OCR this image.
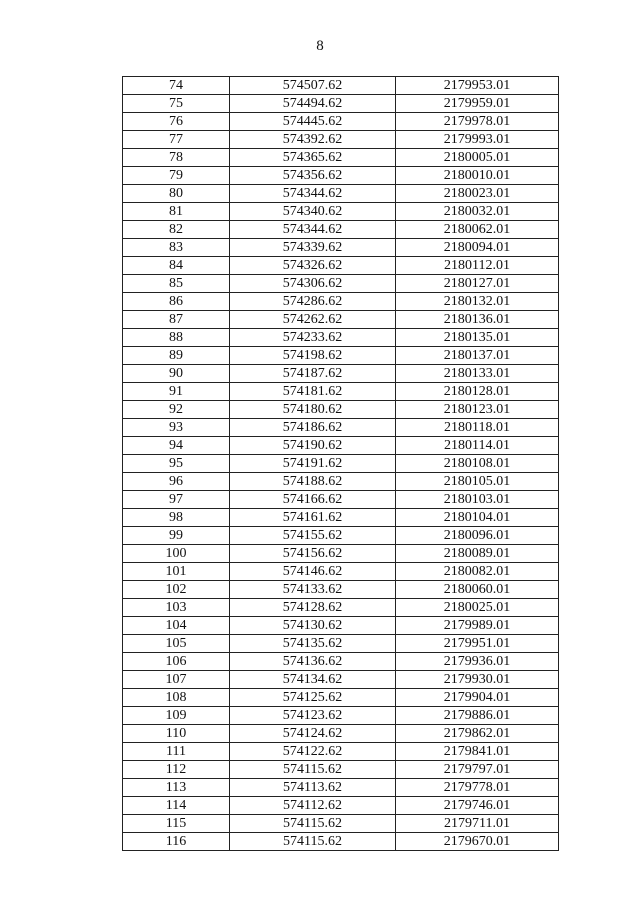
8
74	574507.62	2179953.01
75	574494.62	2179959.01
76	574445.62	2179978.01
77	574392.62	2179993.01
78	574365.62	2180005.01
79	574356.62	2180010.01
80	574344.62	2180023.01
81	574340.62	2180032.01
82	574344.62	2180062.01
83	574339.62	2180094.01
84	574326.62	2180112.01
85	574306.62	2180127.01
86	574286.62	2180132.01
87	574262.62	2180136.01
88	574233.62	2180135.01
89	574198.62	2180137.01
90	574187.62	2180133.01
91	574181.62	2180128.01
92	574180.62	2180123.01
93	574186.62	2180118.01
94	574190.62	2180114.01
95	574191.62	2180108.01
96	574188.62	2180105.01
97	574166.62	2180103.01
98	574161.62	2180104.01
99	574155.62	2180096.01
100	574156.62	2180089.01
101	574146.62	2180082.01
102	574133.62	2180060.01
103	574128.62	2180025.01
104	574130.62	2179989.01
105	574135.62	2179951.01
106	574136.62	2179936.01
107	574134.62	2179930.01
108	574125.62	2179904.01
109	574123.62	2179886.01
110	574124.62	2179862.01
111	574122.62	2179841.01
112	574115.62	2179797.01
113	574113.62	2179778.01
114	574112.62	2179746.01
115	574115.62	2179711.01
116	574115.62	2179670.01
